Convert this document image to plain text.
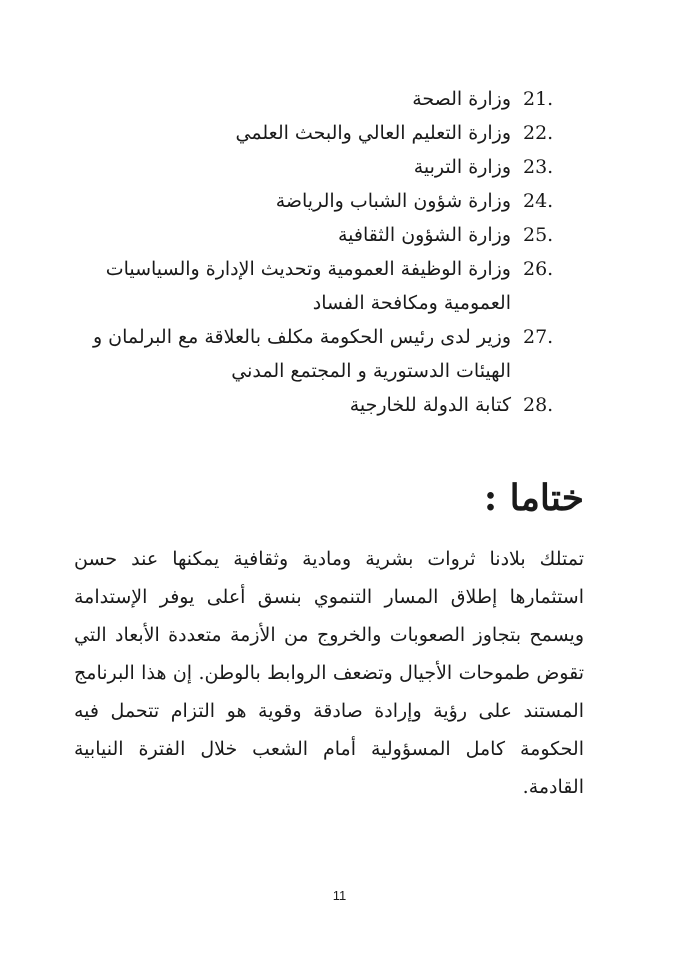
21.
وزارة الصحة
22.
وزارة التعليم العالي والبحث العلمي
23.
وزارة التربية
24.
وزارة شؤون الشباب والرياضة
25.
وزارة الشؤون الثقافية
26.
وزارة الوظيفة العمومية وتحديث الإدارة والسياسيات العمومية ومكافحة الفساد
27.
وزير لدى رئيس الحكومة مكلف بالعلاقة مع البرلمان و الهيئات الدستورية و المجتمع المدني
28.
كتابة الدولة للخارجية
ختاما :

تمتلك بلادنا ثروات بشرية ومادية وثقافية يمكنها عند حسن استثمارها إطلاق المسار التنموي بنسق أعلى يوفر الإستدامة ويسمح بتجاوز الصعوبات والخروج من الأزمة متعددة الأبعاد التي تقوض طموحات الأجيال وتضعف الروابط بالوطن. إن هذا البرنامج المستند على رؤية وإرادة صادقة وقوية هو التزام تتحمل فيه الحكومة كامل المسؤولية أمام الشعب خلال الفترة النيابية القادمة.

11
